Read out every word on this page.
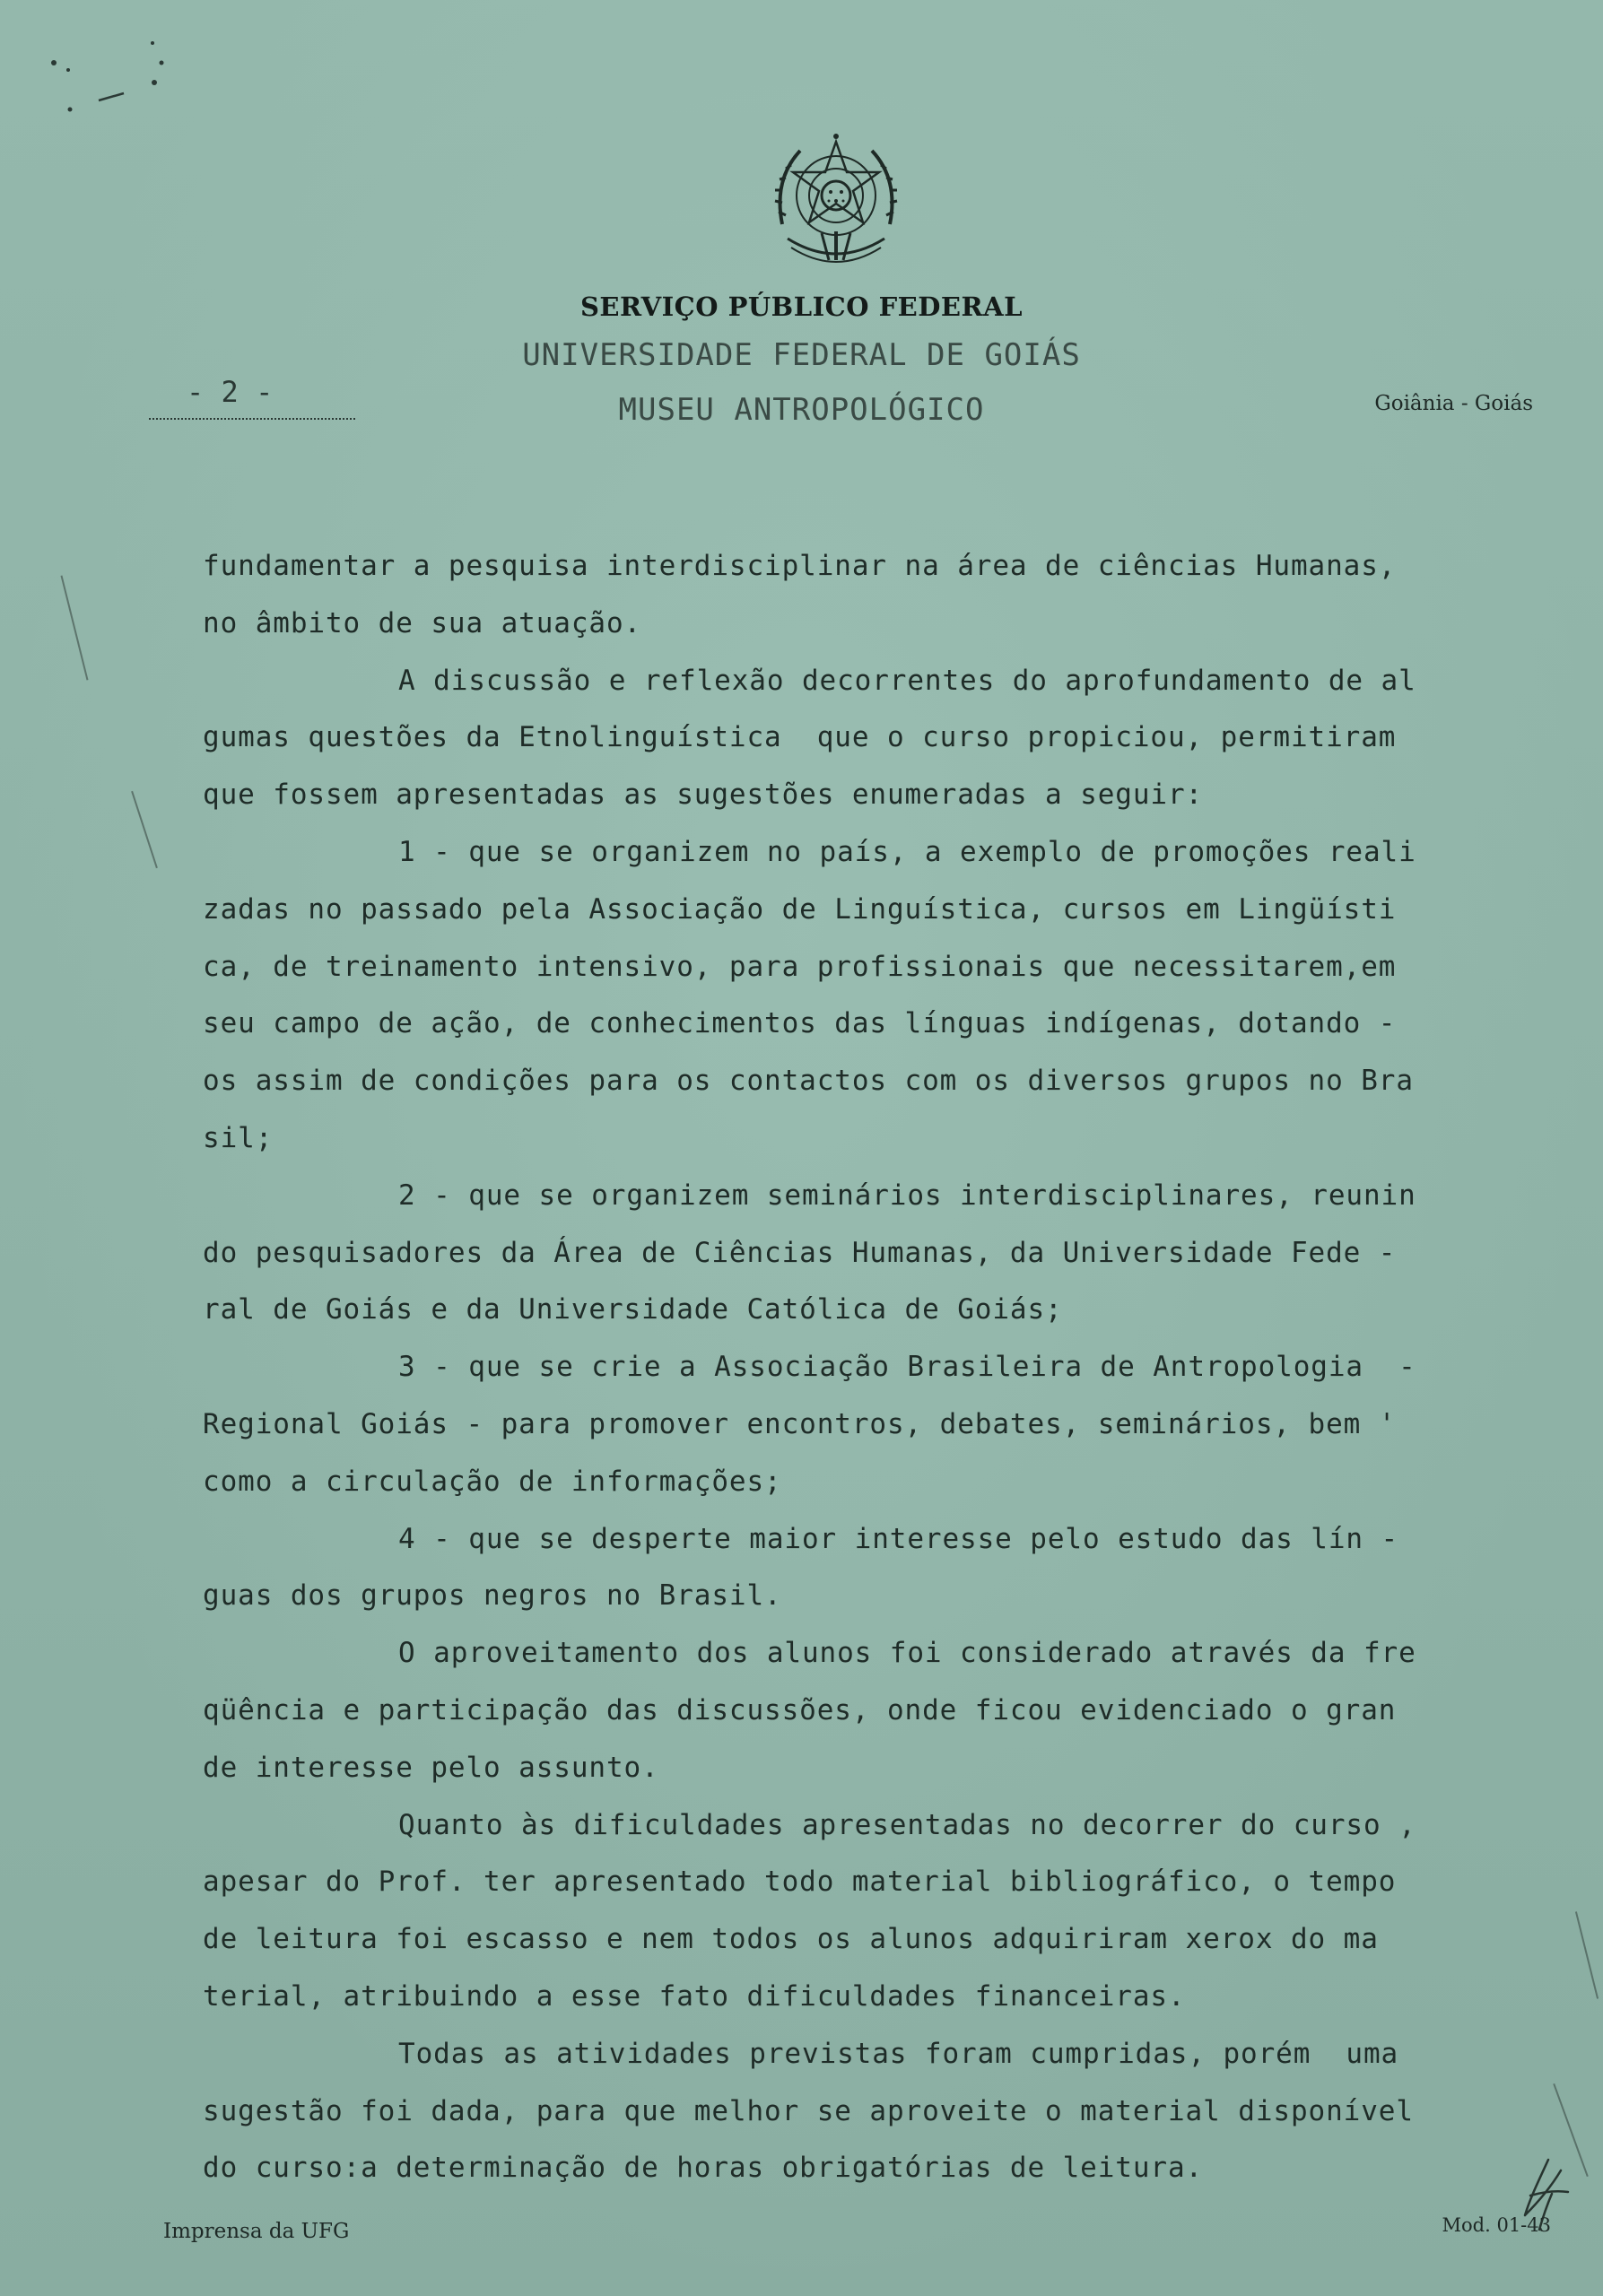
SERVIÇO PÚBLICO FEDERAL
UNIVERSIDADE FEDERAL DE GOIÁS
MUSEU ANTROPOLÓGICO
- 2 -	Goiânia - Goiás
fundamentar a pesquisa interdisciplinar na área de ciências Humanas,
no âmbito de sua atuação.
A discussão e reflexão decorrentes do aprofundamento de al
gumas questões da Etnolinguística  que o curso propiciou, permitiram
que fossem apresentadas as sugestões enumeradas a seguir:
1 - que se organizem no país, a exemplo de promoções reali
zadas no passado pela Associação de Linguística, cursos em Lingüísti
ca, de treinamento intensivo, para profissionais que necessitarem,em
seu campo de ação, de conhecimentos das línguas indígenas, dotando -
os assim de condições para os contactos com os diversos grupos no Bra
sil;
2 - que se organizem seminários interdisciplinares, reunin
do pesquisadores da Área de Ciências Humanas, da Universidade Fede -
ral de Goiás e da Universidade Católica de Goiás;
3 - que se crie a Associação Brasileira de Antropologia  -
Regional Goiás - para promover encontros, debates, seminários, bem '
como a circulação de informações;
4 - que se desperte maior interesse pelo estudo das lín -
guas dos grupos negros no Brasil.
O aproveitamento dos alunos foi considerado através da fre
qüência e participação das discussões, onde ficou evidenciado o gran
de interesse pelo assunto.
Quanto às dificuldades apresentadas no decorrer do curso ,
apesar do Prof. ter apresentado todo material bibliográfico, o tempo
de leitura foi escasso e nem todos os alunos adquiriram xerox do ma
terial, atribuindo a esse fato dificuldades financeiras.
Todas as atividades previstas foram cumpridas, porém  uma
sugestão foi dada, para que melhor se aproveite o material disponível
do curso:a determinação de horas obrigatórias de leitura.
Imprensa da UFG	Mod. 01-43
